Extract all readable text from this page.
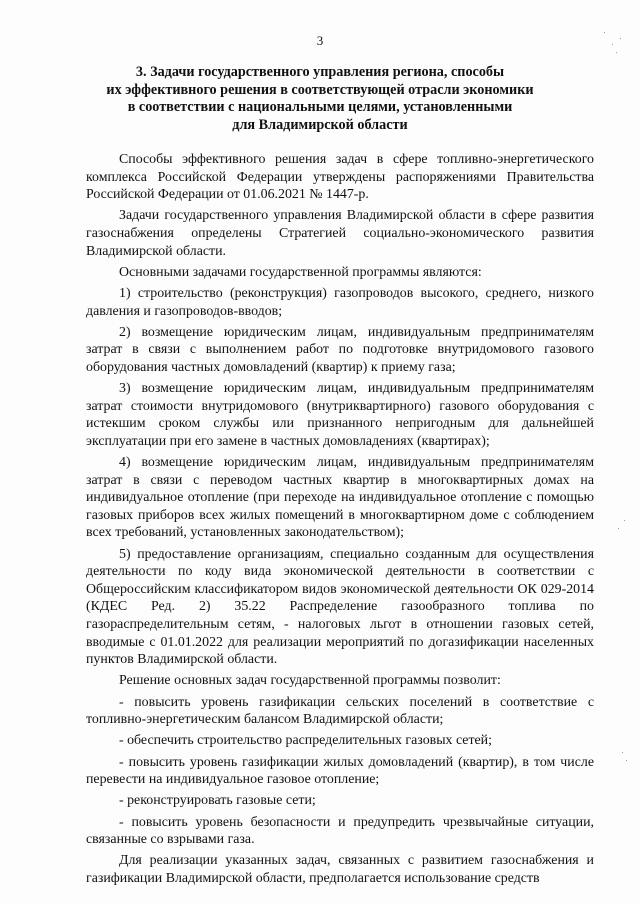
3
3. Задачи государственного управления региона, способы
их эффективного решения в соответствующей отрасли экономики
в соответствии с национальными целями, установленными
для Владимирской области

Способы эффективного решения задач в сфере топливно-энергетического комплекса Российской Федерации утверждены распоряжениями Правительства Российской Федерации от 01.06.2021 № 1447-р.

Задачи государственного управления Владимирской области в сфере развития газоснабжения определены Стратегией социально-экономического развития Владимирской области.

Основными задачами государственной программы являются:

1) строительство (реконструкция) газопроводов высокого, среднего, низкого давления и газопроводов-вводов;

2) возмещение юридическим лицам, индивидуальным предпринимателям затрат в связи с выполнением работ по подготовке внутридомового газового оборудования частных домовладений (квартир) к приему газа;

3) возмещение юридическим лицам, индивидуальным предпринимателям затрат стоимости внутридомового (внутриквартирного) газового оборудования с истекшим сроком службы или признанного непригодным для дальнейшей эксплуатации при его замене в частных домовладениях (квартирах);

4) возмещение юридическим лицам, индивидуальным предпринимателям затрат в связи с переводом частных квартир в многоквартирных домах на индивидуальное отопление (при переходе на индивидуальное отопление с помощью газовых приборов всех жилых помещений в многоквартирном доме с соблюдением всех требований, установленных законодательством);

5) предоставление организациям, специально созданным для осуществления деятельности по коду вида экономической деятельности в соответствии с Общероссийским классификатором видов экономической деятельности ОК 029-2014 (КДЕС Ред. 2) 35.22 Распределение газообразного топлива по газораспределительным сетям, - налоговых льгот в отношении газовых сетей, вводимые с 01.01.2022 для реализации мероприятий по догазификации населенных пунктов Владимирской области.

Решение основных задач государственной программы позволит:

- повысить уровень газификации сельских поселений в соответствие с топливно-энергетическим балансом Владимирской области;

- обеспечить строительство распределительных газовых сетей;

- повысить уровень газификации жилых домовладений (квартир), в том числе перевести на индивидуальное газовое отопление;

- реконструировать газовые сети;

- повысить уровень безопасности и предупредить чрезвычайные ситуации, связанные со взрывами газа.

Для реализации указанных задач, связанных с развитием газоснабжения и газификации Владимирской области, предполагается использование средств
